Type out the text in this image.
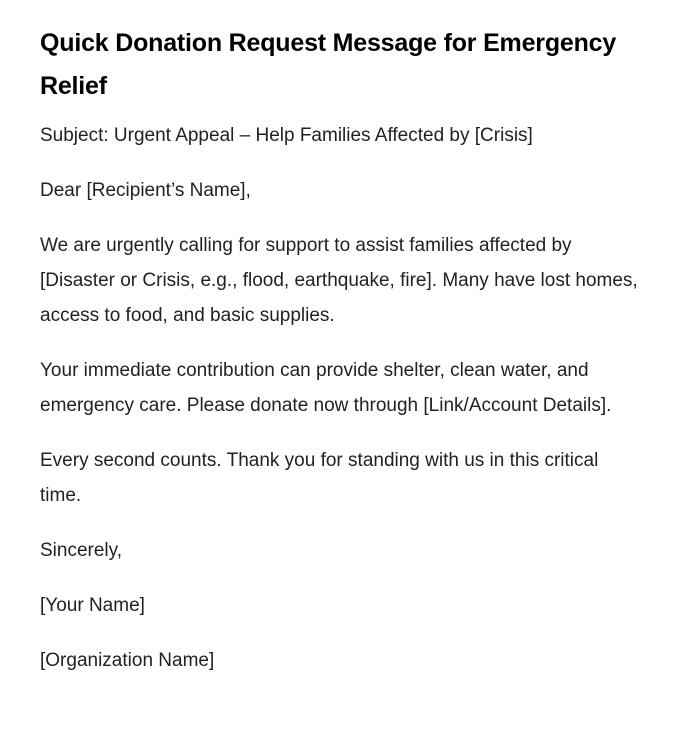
Quick Donation Request Message for Emergency Relief

Subject: Urgent Appeal – Help Families Affected by [Crisis]

Dear [Recipient’s Name],

We are urgently calling for support to assist families affected by [Disaster or Crisis, e.g., flood, earthquake, fire]. Many have lost homes, access to food, and basic supplies.

Your immediate contribution can provide shelter, clean water, and emergency care. Please donate now through [Link/Account Details].

Every second counts. Thank you for standing with us in this critical time.

Sincerely,

[Your Name]

[Organization Name]
